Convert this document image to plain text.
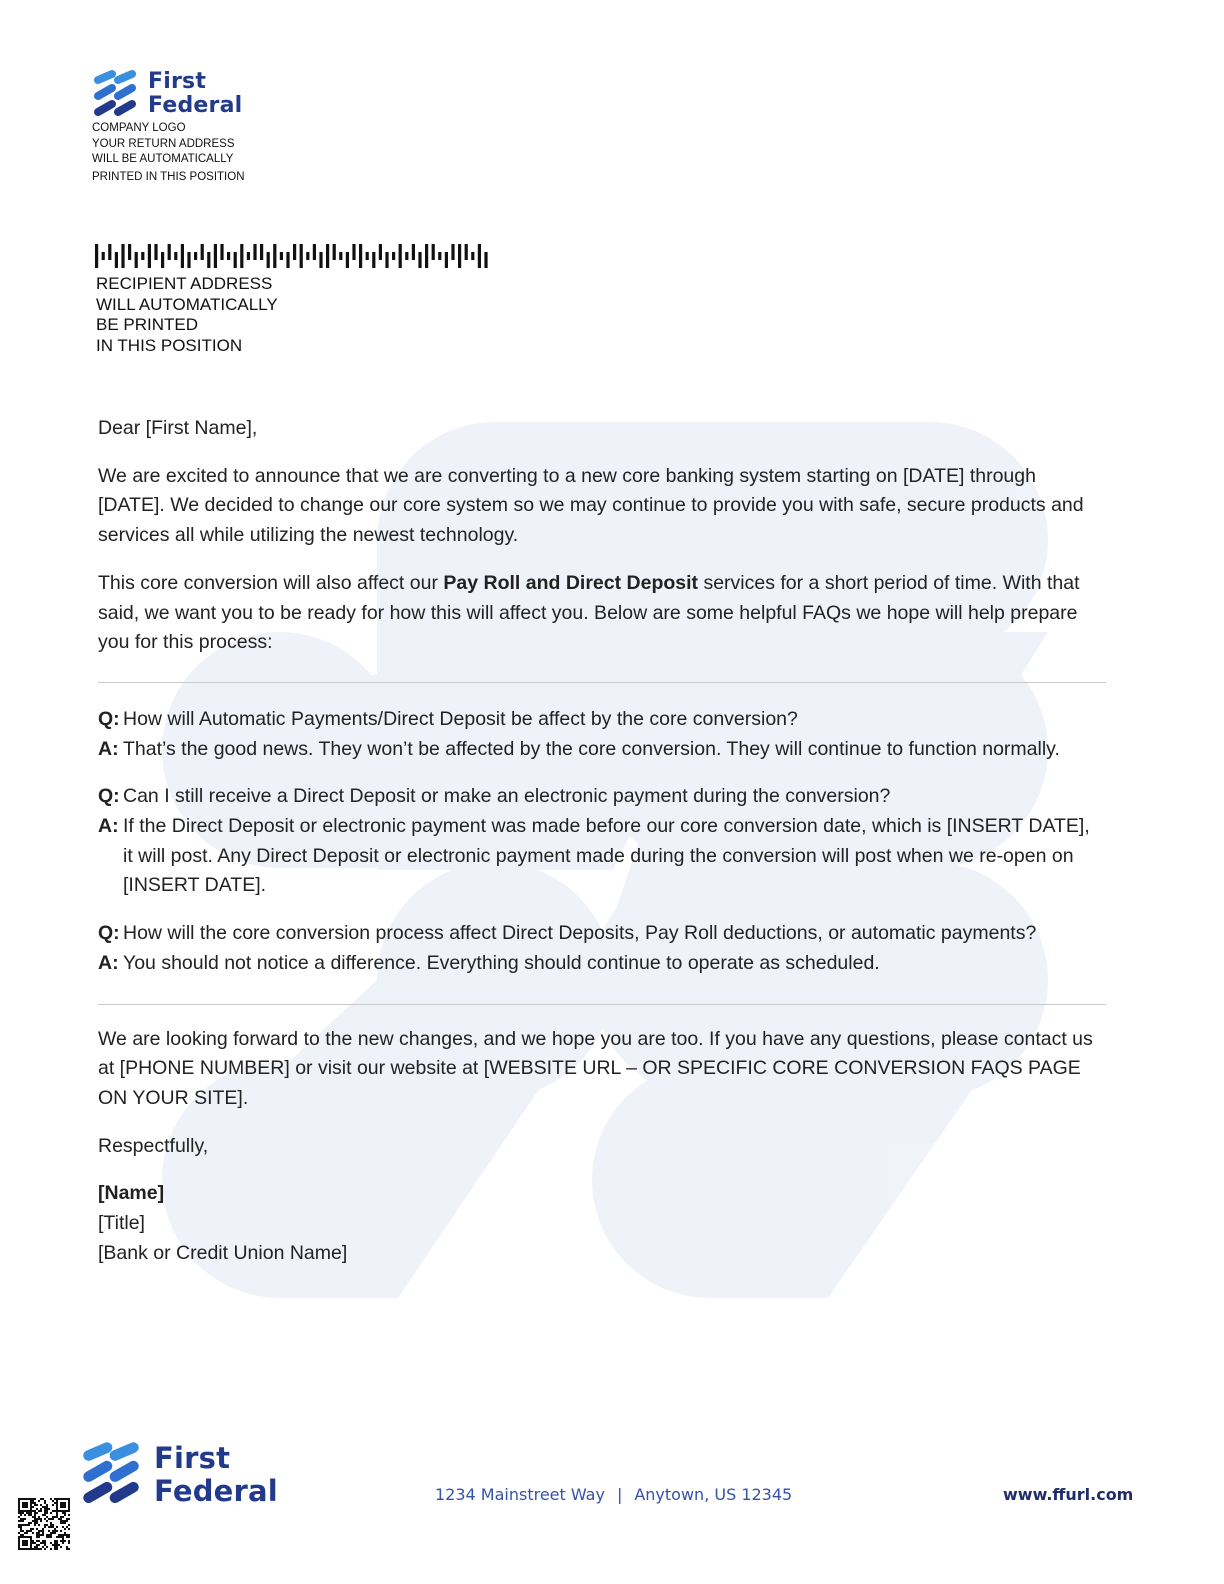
First
Federal
COMPANY LOGO
YOUR RETURN ADDRESS
WILL BE AUTOMATICALLY
PRINTED IN THIS POSITION
RECIPIENT ADDRESS
WILL AUTOMATICALLY
BE PRINTED
IN THIS POSITION

Dear [First Name],

We are excited to announce that we are converting to a new core banking system starting on [DATE] through [DATE]. We decided to change our core system so we may continue to provide you with safe, secure products and services all while utilizing the newest technology.

This core conversion will also affect our Pay Roll and Direct Deposit services for a short period of time. With that said, we want you to be ready for how this will affect you. Below are some helpful FAQs we hope will help prepare you for this process:

Q: How will Automatic Payments/Direct Deposit be affect by the core conversion?
A: That’s the good news. They won’t be affected by the core conversion. They will continue to function normally.
Q: Can I still receive a Direct Deposit or make an electronic payment during the conversion?
A: If the Direct Deposit or electronic payment was made before our core conversion date, which is [INSERT DATE], it will post. Any Direct Deposit or electronic payment made during the conversion will post when we re-open on [INSERT DATE].
Q: How will the core conversion process affect Direct Deposits, Pay Roll deductions, or automatic payments?
A: You should not notice a difference. Everything should continue to operate as scheduled.

We are looking forward to the new changes, and we hope you are too. If you have any questions, please contact us at [PHONE NUMBER] or visit our website at [WEBSITE URL – OR SPECIFIC CORE CONVERSION FAQS PAGE ON YOUR SITE].

Respectfully,

[Name]
[Title]
[Bank or Credit Union Name]
First
Federal	1234 Mainstreet Way | Anytown, US 12345	www.ffurl.com
